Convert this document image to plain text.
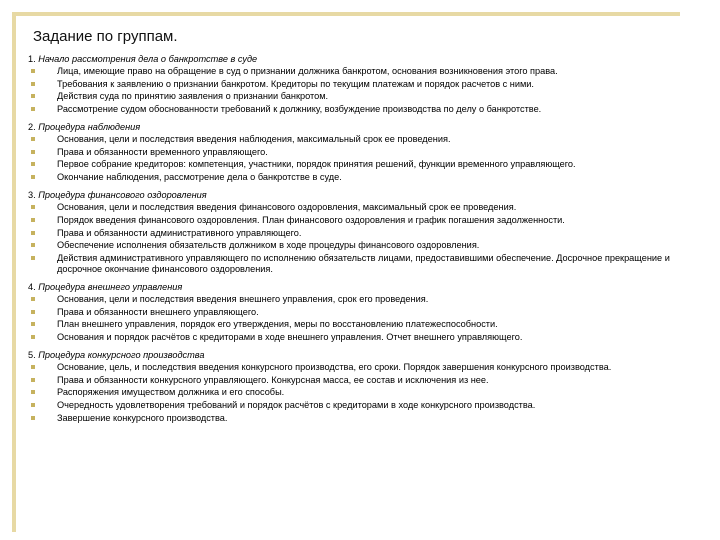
Задание по группам.
1. Начало рассмотрения дела о банкротстве в суде
Лица, имеющие право на обращение в суд о признании должника банкротом, основания возникновения этого права.
Требования к заявлению о признании банкротом. Кредиторы по текущим платежам и порядок расчетов с ними.
Действия суда по принятию заявления о признании банкротом.
Рассмотрение судом обоснованности требований к должнику, возбуждение производства по делу о банкротстве.
2. Процедура наблюдения
Основания, цели и последствия введения наблюдения, максимальный срок ее проведения.
Права и обязанности временного управляющего.
Первое собрание кредиторов: компетенция, участники, порядок принятия решений, функции временного управляющего.
Окончание наблюдения, рассмотрение дела о банкротстве в суде.
3. Процедура финансового оздоровления
Основания, цели и последствия введения финансового оздоровления, максимальный срок ее проведения.
Порядок введения финансового оздоровления. План финансового оздоровления и график погашения задолженности.
Права и обязанности административного управляющего.
Обеспечение исполнения обязательств должником в ходе процедуры финансового оздоровления.
Действия административного управляющего по исполнению обязательств лицами, предоставившими обеспечение. Досрочное прекращение и досрочное окончание финансового оздоровления.
4. Процедура внешнего управления
Основания, цели и последствия введения внешнего управления, срок его проведения.
Права и обязанности внешнего управляющего.
План внешнего управления, порядок его утверждения, меры по восстановлению платежеспособности.
Основания и порядок расчётов с кредиторами в ходе внешнего управления. Отчет внешнего управляющего.
5. Процедура конкурсного производства
Основание, цель, и последствия введения конкурсного производства, его сроки. Порядок завершения конкурсного производства.
Права и обязанности конкурсного управляющего. Конкурсная масса, ее состав и исключения из нее.
Распоряжения имуществом должника и его способы.
Очередность удовлетворения требований и порядок расчётов с кредиторами в ходе конкурсного производства.
Завершение конкурсного производства.
